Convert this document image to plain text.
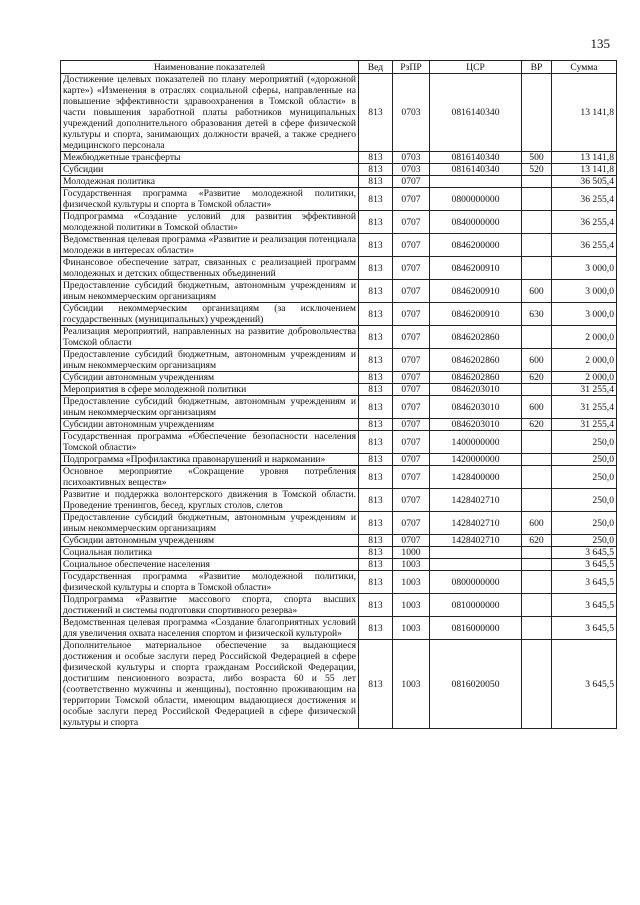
135
Наименование показателей	Вед	РзПР	ЦСР	ВР	Сумма
Достижение целевых показателей по плану мероприятий («дорожной карте») «Изменения в отраслях социальной сферы, направленные на повышение эффективности здравоохранения в Томской области» в части повышения заработной платы работников муниципальных учреждений дополнительного образования детей в сфере физической культуры и спорта, занимающих должности врачей, а также среднего медицинского персонала	813	0703	0816140340		13 141,8
Межбюджетные трансферты	813	0703	0816140340	500	13 141,8
Субсидии	813	0703	0816140340	520	13 141,8
Молодежная политика	813	0707			36 505,4
Государственная программа «Развитие молодежной политики, физической культуры и спорта в Томской области»	813	0707	0800000000		36 255,4
Подпрограмма «Создание условий для развития эффективной молодежной политики в Томской области»	813	0707	0840000000		36 255,4
Ведомственная целевая программа «Развитие и реализация потенциала молодежи в интересах области»	813	0707	0846200000		36 255,4
Финансовое обеспечение затрат, связанных с реализацией программ молодежных и детских общественных объединений	813	0707	0846200910		3 000,0
Предоставление субсидий бюджетным, автономным учреждениям и иным некоммерческим организациям	813	0707	0846200910	600	3 000,0
Субсидии некоммерческим организациям (за исключением государственных (муниципальных) учреждений)	813	0707	0846200910	630	3 000,0
Реализация мероприятий, направленных на развитие добровольчества Томской области	813	0707	0846202860		2 000,0
Предоставление субсидий бюджетным, автономным учреждениям и иным некоммерческим организациям	813	0707	0846202860	600	2 000,0
Субсидии автономным учреждениям	813	0707	0846202860	620	2 000,0
Мероприятия в сфере молодежной политики	813	0707	0846203010		31 255,4
Предоставление субсидий бюджетным, автономным учреждениям и иным некоммерческим организациям	813	0707	0846203010	600	31 255,4
Субсидии автономным учреждениям	813	0707	0846203010	620	31 255,4
Государственная программа «Обеспечение безопасности населения Томской области»	813	0707	1400000000		250,0
Подпрограмма «Профилактика правонарушений и наркомании»	813	0707	1420000000		250,0
Основное мероприятие «Сокращение уровня потребления психоактивных веществ»	813	0707	1428400000		250,0
Развитие и поддержка волонтерского движения в Томской области. Проведение тренингов, бесед, круглых столов, слетов	813	0707	1428402710		250,0
Предоставление субсидий бюджетным, автономным учреждениям и иным некоммерческим организациям	813	0707	1428402710	600	250,0
Субсидии автономным учреждениям	813	0707	1428402710	620	250,0
Социальная политика	813	1000			3 645,5
Социальное обеспечение населения	813	1003			3 645,5
Государственная программа «Развитие молодежной политики, физической культуры и спорта в Томской области»	813	1003	0800000000		3 645,5
Подпрограмма «Развитие массового спорта, спорта высших достижений и системы подготовки спортивного резерва»	813	1003	0810000000		3 645,5
Ведомственная целевая программа «Создание благоприятных условий для увеличения охвата населения спортом и физической культурой»	813	1003	0816000000		3 645,5
Дополнительное материальное обеспечение за выдающиеся достижения и особые заслуги перед Российской Федерацией в сфере физической культуры и спорта гражданам Российской Федерации, достигшим пенсионного возраста, либо возраста 60 и 55 лет (соответственно мужчины и женщины), постоянно проживающим на территории Томской области, имеющим выдающиеся достижения и особые заслуги перед Российской Федерацией в сфере физической культуры и спорта	813	1003	0816020050		3 645,5
